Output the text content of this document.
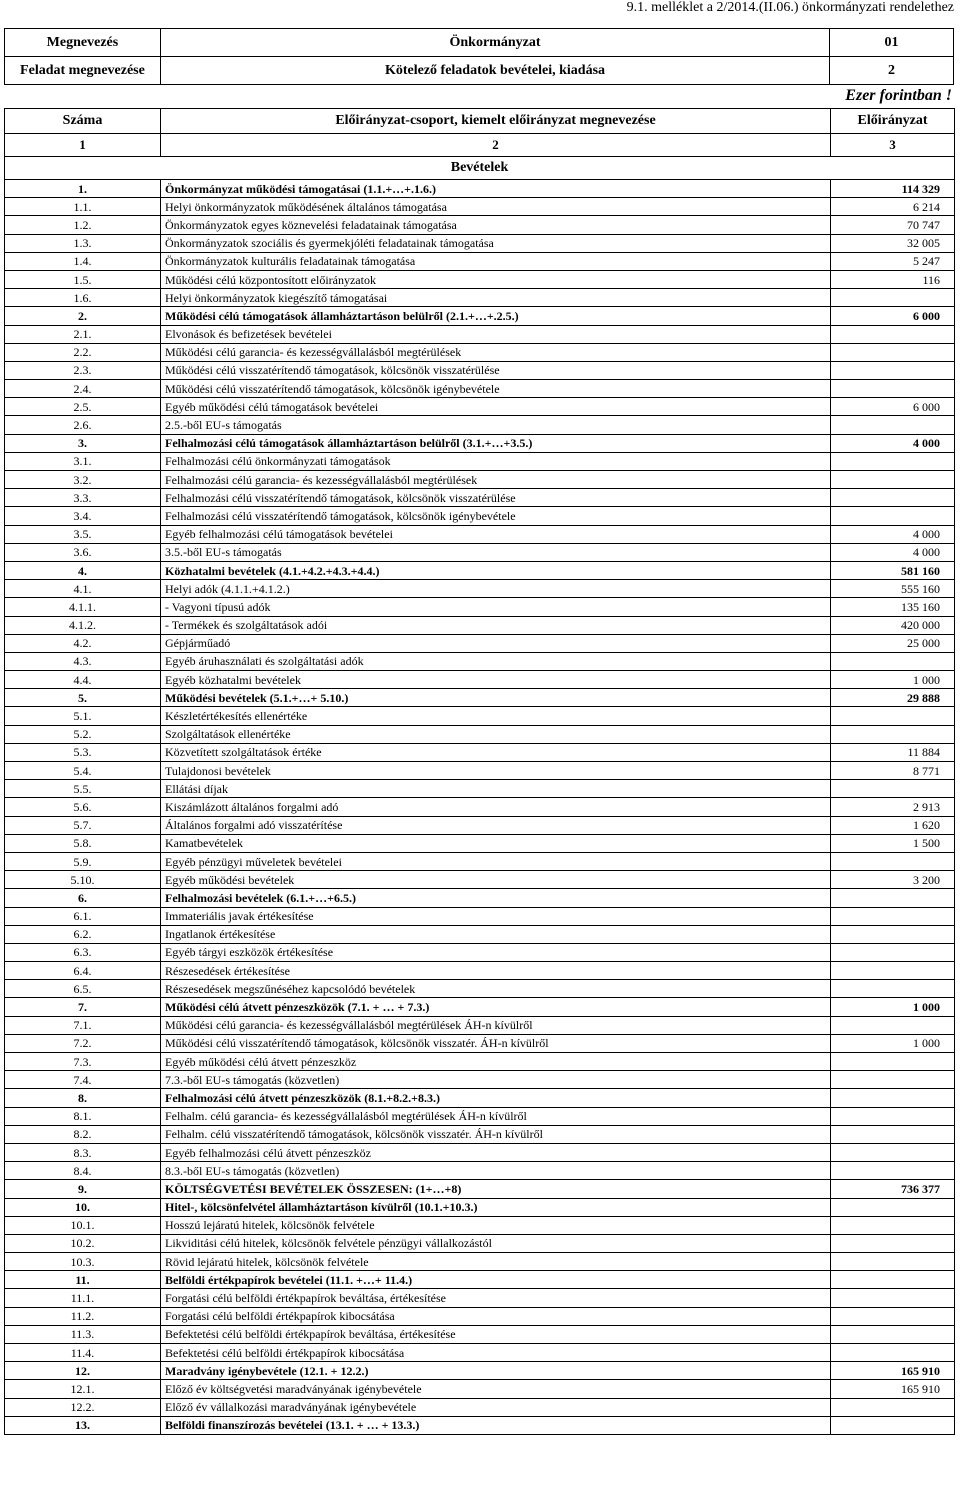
9.1. melléklet a 2/2014.(II.06.) önkormányzati rendelethez
Megnevezés	Önkormányzat	01
Feladat megnevezése	Kötelező feladatok bevételei, kiadása	2
Ezer forintban !
Száma	Előirányzat-csoport, kiemelt előirányzat megnevezése	Előirányzat
1	2	3
Bevételek		
1.	Önkormányzat működési támogatásai (1.1.+…+.1.6.)	114 329
1.1.	Helyi önkormányzatok működésének általános támogatása	6 214
1.2.	Önkormányzatok egyes köznevelési feladatainak támogatása	70 747
1.3.	Önkormányzatok szociális és gyermekjóléti feladatainak támogatása	32 005
1.4.	Önkormányzatok kulturális feladatainak támogatása	5 247
1.5.	Működési célú központosított előirányzatok	116
1.6.	Helyi önkormányzatok kiegészítő támogatásai	
2.	Működési célú támogatások államháztartáson belülről (2.1.+…+.2.5.)	6 000
2.1.	Elvonások és befizetések bevételei	
2.2.	Működési célú garancia- és kezességvállalásból megtérülések	
2.3.	Működési célú visszatérítendő támogatások, kölcsönök visszatérülése	
2.4.	Működési célú visszatérítendő támogatások, kölcsönök igénybevétele	
2.5.	Egyéb működési célú támogatások bevételei	6 000
2.6.	2.5.-ből EU-s támogatás	
3.	Felhalmozási célú támogatások államháztartáson belülről (3.1.+…+3.5.)	4 000
3.1.	Felhalmozási célú önkormányzati támogatások	
3.2.	Felhalmozási célú garancia- és kezességvállalásból megtérülések	
3.3.	Felhalmozási célú visszatérítendő támogatások, kölcsönök visszatérülése	
3.4.	Felhalmozási célú visszatérítendő támogatások, kölcsönök igénybevétele	
3.5.	Egyéb felhalmozási célú támogatások bevételei	4 000
3.6.	3.5.-ből EU-s támogatás	4 000
4.	Közhatalmi bevételek (4.1.+4.2.+4.3.+4.4.)	581 160
4.1.	Helyi adók (4.1.1.+4.1.2.)	555 160
4.1.1.	- Vagyoni típusú adók	135 160
4.1.2.	- Termékek és szolgáltatások adói	420 000
4.2.	Gépjárműadó	25 000
4.3.	Egyéb áruhasználati és szolgáltatási adók	
4.4.	Egyéb közhatalmi bevételek	1 000
5.	Működési bevételek (5.1.+…+ 5.10.)	29 888
5.1.	Készletértékesítés ellenértéke	
5.2.	Szolgáltatások ellenértéke	
5.3.	Közvetített szolgáltatások értéke	11 884
5.4.	Tulajdonosi bevételek	8 771
5.5.	Ellátási díjak	
5.6.	Kiszámlázott általános forgalmi adó	2 913
5.7.	Általános forgalmi adó visszatérítése	1 620
5.8.	Kamatbevételek	1 500
5.9.	Egyéb pénzügyi műveletek bevételei	
5.10.	Egyéb működési bevételek	3 200
6.	Felhalmozási bevételek (6.1.+…+6.5.)	
6.1.	Immateriális javak értékesítése	
6.2.	Ingatlanok értékesítése	
6.3.	Egyéb tárgyi eszközök értékesítése	
6.4.	Részesedések értékesítése	
6.5.	Részesedések megszűnéséhez kapcsolódó bevételek	
7.	Működési célú átvett pénzeszközök (7.1. + … + 7.3.)	1 000
7.1.	Működési célú garancia- és kezességvállalásból megtérülések ÁH-n kívülről	
7.2.	Működési célú visszatérítendő támogatások, kölcsönök visszatér. ÁH-n kívülről	1 000
7.3.	Egyéb működési célú átvett pénzeszköz	
7.4.	7.3.-ből EU-s támogatás (közvetlen)	
8.	Felhalmozási célú átvett pénzeszközök (8.1.+8.2.+8.3.)	
8.1.	Felhalm. célú garancia- és kezességvállalásból megtérülések ÁH-n kívülről	
8.2.	Felhalm. célú visszatérítendő támogatások, kölcsönök visszatér. ÁH-n kívülről	
8.3.	Egyéb felhalmozási célú átvett pénzeszköz	
8.4.	8.3.-ből EU-s támogatás (közvetlen)	
9.	KÖLTSÉGVETÉSI BEVÉTELEK ÖSSZESEN: (1+…+8)	736 377
10.	Hitel-, kölcsönfelvétel államháztartáson kívülről (10.1.+10.3.)	
10.1.	Hosszú lejáratú hitelek, kölcsönök felvétele	
10.2.	Likviditási célú hitelek, kölcsönök felvétele pénzügyi vállalkozástól	
10.3.	Rövid lejáratú hitelek, kölcsönök felvétele	
11.	Belföldi értékpapírok bevételei (11.1. +…+ 11.4.)	
11.1.	Forgatási célú belföldi értékpapírok beváltása, értékesítése	
11.2.	Forgatási célú belföldi értékpapírok kibocsátása	
11.3.	Befektetési célú belföldi értékpapírok beváltása, értékesítése	
11.4.	Befektetési célú belföldi értékpapírok kibocsátása	
12.	Maradvány igénybevétele (12.1. + 12.2.)	165 910
12.1.	Előző év költségvetési maradványának igénybevétele	165 910
12.2.	Előző év vállalkozási maradványának igénybevétele	
13.	Belföldi finanszírozás bevételei (13.1. + … + 13.3.)	
